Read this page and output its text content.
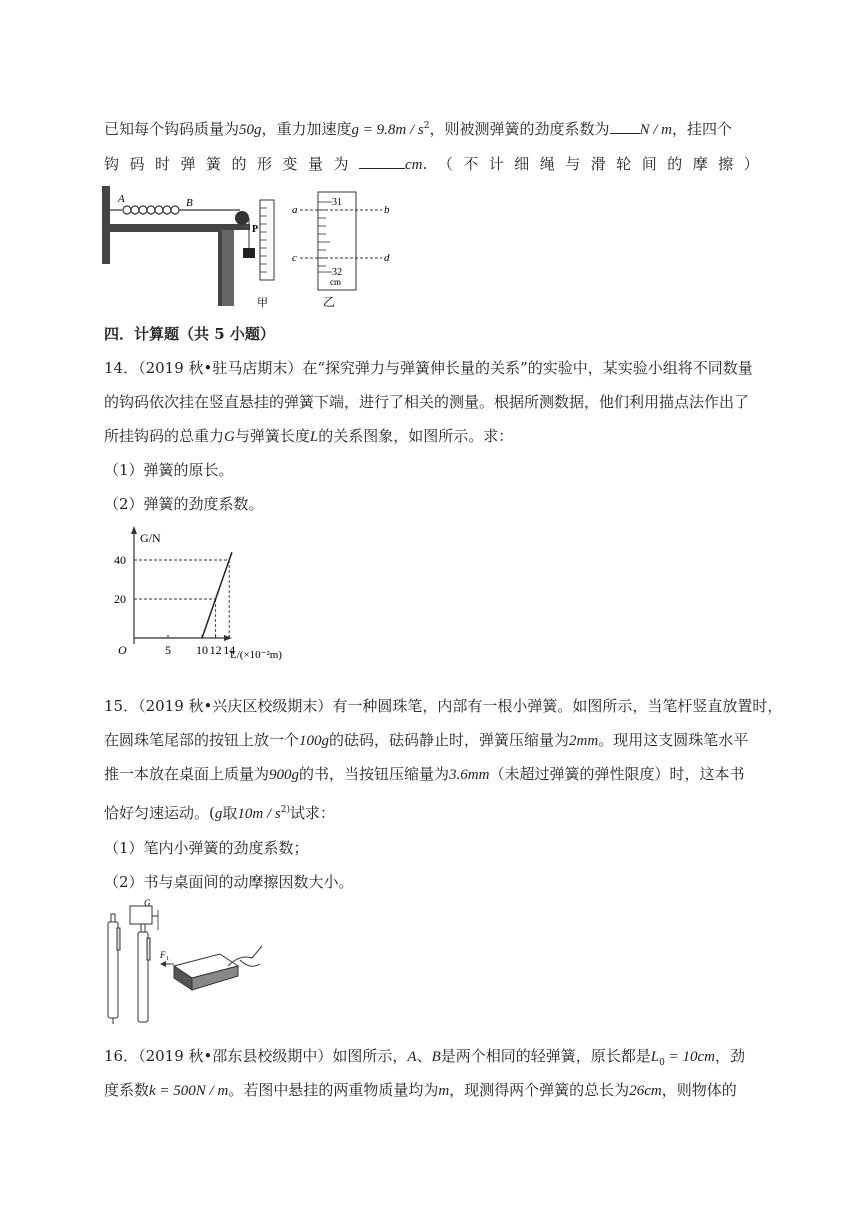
已知每个钩码质量为50g，重力加速度$g = 9.8m / s^2$，则被测弹簧的劲度系数为 N / m，挂四个
钩码时弹簧的形变量为	cm.（不计细绳与滑轮间的摩擦）
A	B
P
甲
31
32
cm
a	b
c	d
乙
四．计算题（共 5 小题）
14．（2019 秋•驻马店期末）在“探究弹力与弹簧伸长量的关系”的实验中，某实验小组将不同数量
的钩码依次挂在竖直悬挂的弹簧下端，进行了相关的测量。根据所测数据，他们利用描点法作出了
所挂钩码的总重力G与弹簧长度L的关系图象，如图所示。求：
（1）弹簧的原长。
（2）弹簧的劲度系数。
G/N
L/(×10⁻²m)
O
20
40
5 10 12 14
15．（2019 秋•兴庆区校级期末）有一种圆珠笔，内部有一根小弹簧。如图所示，当笔杆竖直放置时，
在圆珠笔尾部的按钮上放一个100g的砝码，砝码静止时，弹簧压缩量为2mm。现用这支圆珠笔水平
推一本放在桌面上质量为900g的书，当按钮压缩量为3.6mm（未超过弹簧的弹性限度）时，这本书
恰好匀速运动。(g取$10m / s^{2)}$试求：
（1）笔内小弹簧的劲度系数；
（2）书与桌面间的动摩擦因数大小。
G
F 1
16．（2019 秋•邵东县校级期中）如图所示，A、B是两个相同的轻弹簧，原长都是$L_0 = 10cm$，劲
度系数k = 500N / m。若图中悬挂的两重物质量均为m，现测得两个弹簧的总长为26cm，则物体的
